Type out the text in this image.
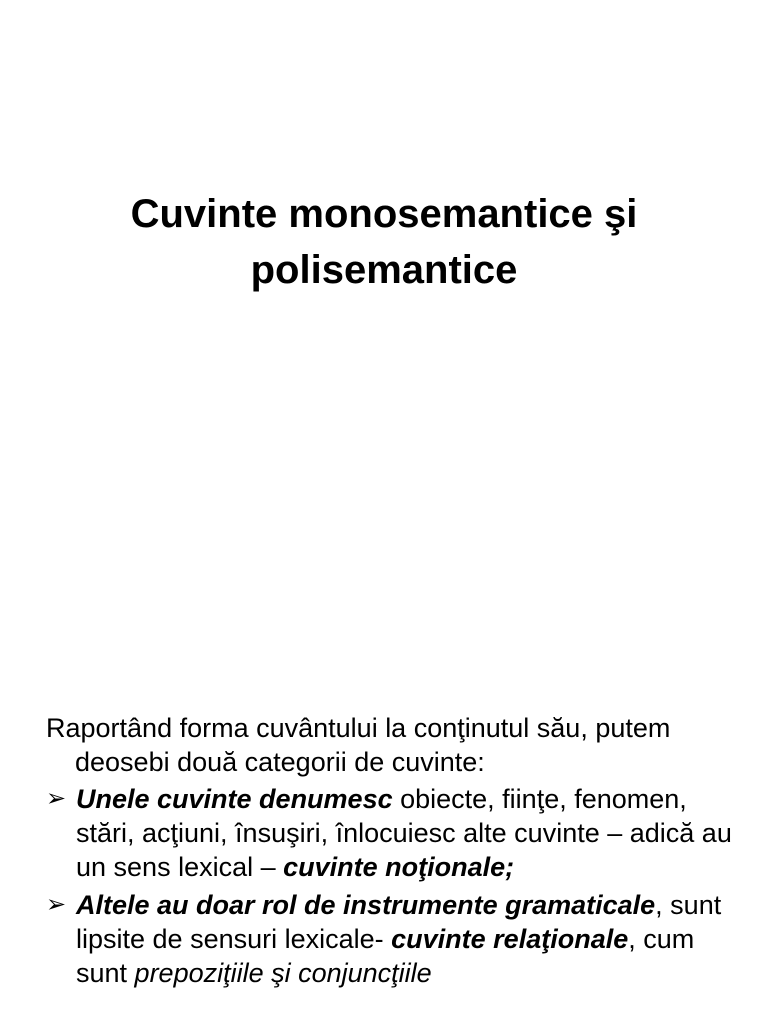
Cuvinte monosemantice şi
polisemantice

Raportând forma cuvântului la conţinutul său, putem deosebi două categorii de cuvinte:

➢ Unele cuvinte denumesc obiecte, fiinţe, fenomen, stări, acţiuni, însuşiri, înlocuiesc alte cuvinte – adică au un sens lexical – cuvinte noţionale;

➢ Altele au doar rol de instrumente gramaticale, sunt lipsite de sensuri lexicale- cuvinte relaţionale, cum sunt prepoziţiile şi conjuncţiile
